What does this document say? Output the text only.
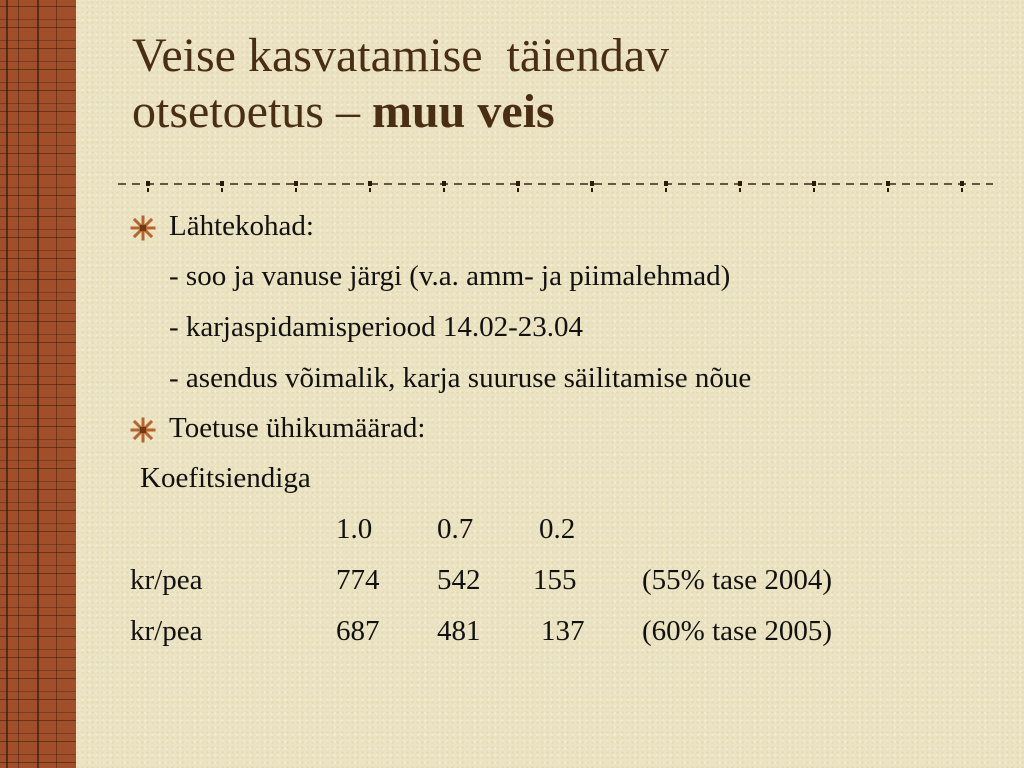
Veise kasvatamise  täiendav
otsetoetus – muu veis
Lähtekohad:
- soo ja vanuse järgi (v.a. amm- ja piimalehmad)
- karjaspidamisperiood 14.02-23.04
- asendus võimalik, karja suuruse säilitamise nõue
Toetuse ühikumäärad:
Koefitsiendiga
1.0 0.7 0.2
kr/pea	774 542 155 (55% tase 2004)
kr/pea	687 481 137 (60% tase 2005)
